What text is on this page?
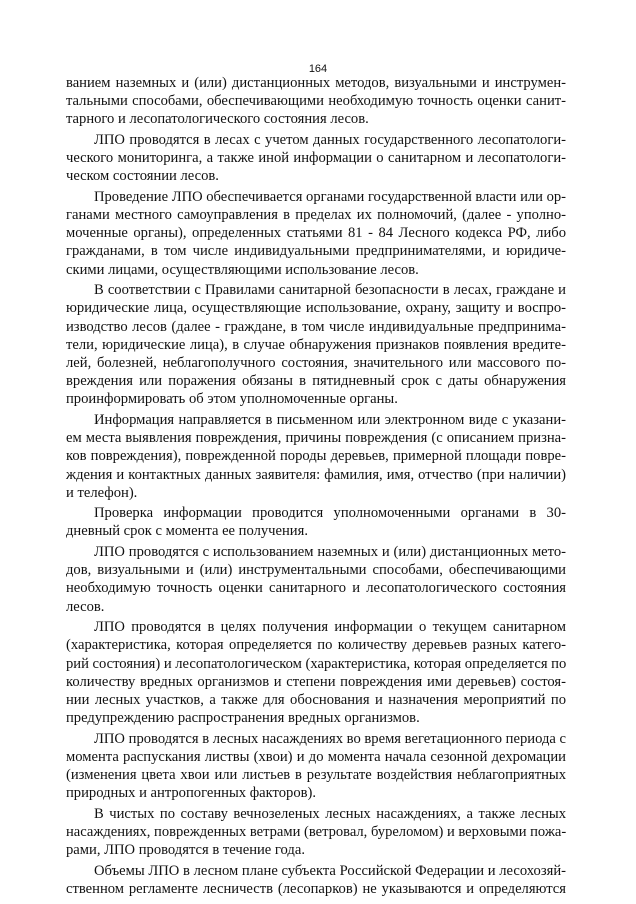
164
ванием наземных и (или) дистанционных методов, визуальными и инструмен-
тальными способами, обеспечивающими необходимую точность оценки санит-
тарного и лесопатологического состояния лесов.
ЛПО проводятся в лесах с учетом данных государственного лесопатологи-
ческого мониторинга, а также иной информации о санитарном и лесопатологи-
ческом состоянии лесов.
Проведение ЛПО обеспечивается органами государственной власти или ор-
ганами местного самоуправления в пределах их полномочий, (далее - уполно-
моченные органы), определенных статьями 81 - 84 Лесного кодекса РФ, либо
гражданами, в том числе индивидуальными предпринимателями, и юридиче-
скими лицами, осуществляющими использование лесов.
В соответствии с Правилами санитарной безопасности в лесах, граждане и
юридические лица, осуществляющие использование, охрану, защиту и воспро-
изводство лесов (далее - граждане, в том числе индивидуальные предпринима-
тели, юридические лица), в случае обнаружения признаков появления вредите-
лей, болезней, неблагополучного состояния, значительного или массового по-
вреждения или поражения обязаны в пятидневный срок с даты обнаружения
проинформировать об этом уполномоченные органы.
Информация направляется в письменном или электронном виде с указани-
ем места выявления повреждения, причины повреждения (с описанием призна-
ков повреждения), поврежденной породы деревьев, примерной площади повре-
ждения и контактных данных заявителя: фамилия, имя, отчество (при наличии)
и телефон).
Проверка информации проводится уполномоченными органами в 30-
дневный срок с момента ее получения.
ЛПО проводятся с использованием наземных и (или) дистанционных мето-
дов, визуальными и (или) инструментальными способами, обеспечивающими
необходимую точность оценки санитарного и лесопатологического состояния
лесов.
ЛПО проводятся в целях получения информации о текущем санитарном
(характеристика, которая определяется по количеству деревьев разных катего-
рий состояния) и лесопатологическом (характеристика, которая определяется по
количеству вредных организмов и степени повреждения ими деревьев) состоя-
нии лесных участков, а также для обоснования и назначения мероприятий по
предупреждению распространения вредных организмов.
ЛПО проводятся в лесных насаждениях во время вегетационного периода с
момента распускания листвы (хвои) и до момента начала сезонной дехромации
(изменения цвета хвои или листьев в результате воздействия неблагоприятных
природных и антропогенных факторов).
В чистых по составу вечнозеленых лесных насаждениях, а также лесных
насаждениях, поврежденных ветрами (ветровал, буреломом) и верховыми пожа-
рами, ЛПО проводятся в течение года.
Объемы ЛПО в лесном плане субъекта Российской Федерации и лесохозяй-
ственном регламенте лесничеств (лесопарков) не указываются и определяются
